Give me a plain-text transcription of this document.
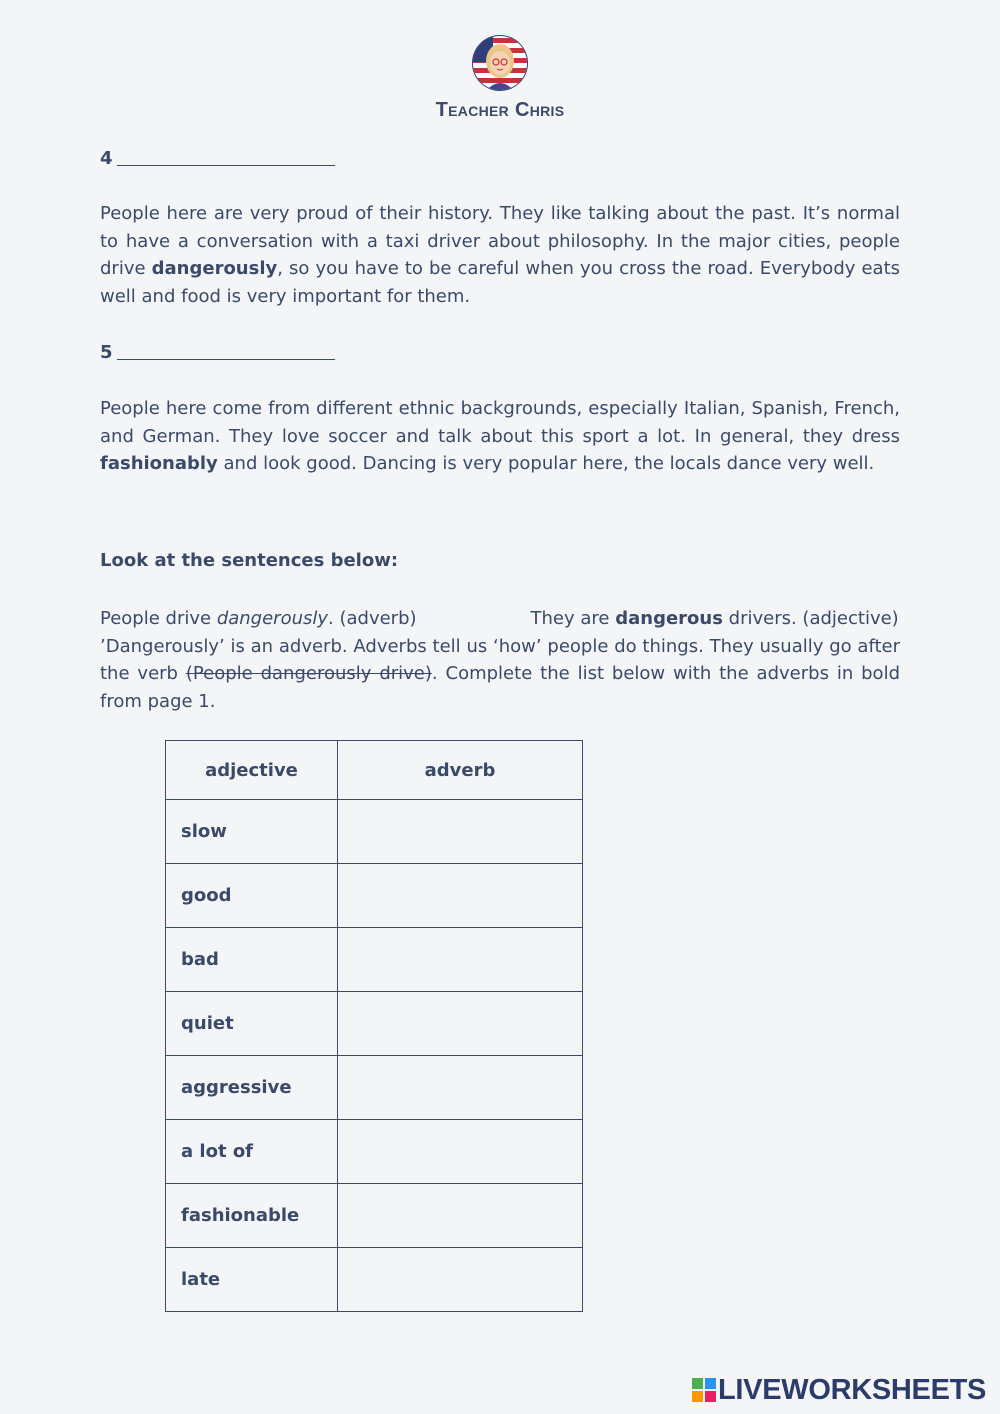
Teacher Chris
4
People here are very proud of their history. They like talking about the past. It’s normal to have a conversation with a taxi driver about philosophy. In the major cities, people drive dangerously, so you have to be careful when you cross the road. Everybody eats well and food is very important for them.
5
People here come from different ethnic backgrounds, especially Italian, Spanish, French, and German. They love soccer and talk about this sport a lot. In general, they dress fashionably and look good. Dancing is very popular here, the locals dance very well.
Look at the sentences below:
People drive dangerously. (adverb)	They are dangerous drivers. (adjective)
’Dangerously’ is an adverb. Adverbs tell us ‘how’ people do things. They usually go after the verb (People dangerously drive). Complete the list below with the adverbs in bold from page 1.
adjective	adverb
slow	
good	
bad	
quiet	
aggressive	
a lot of	
fashionable	
late	
LIVEWORKSHEETS
